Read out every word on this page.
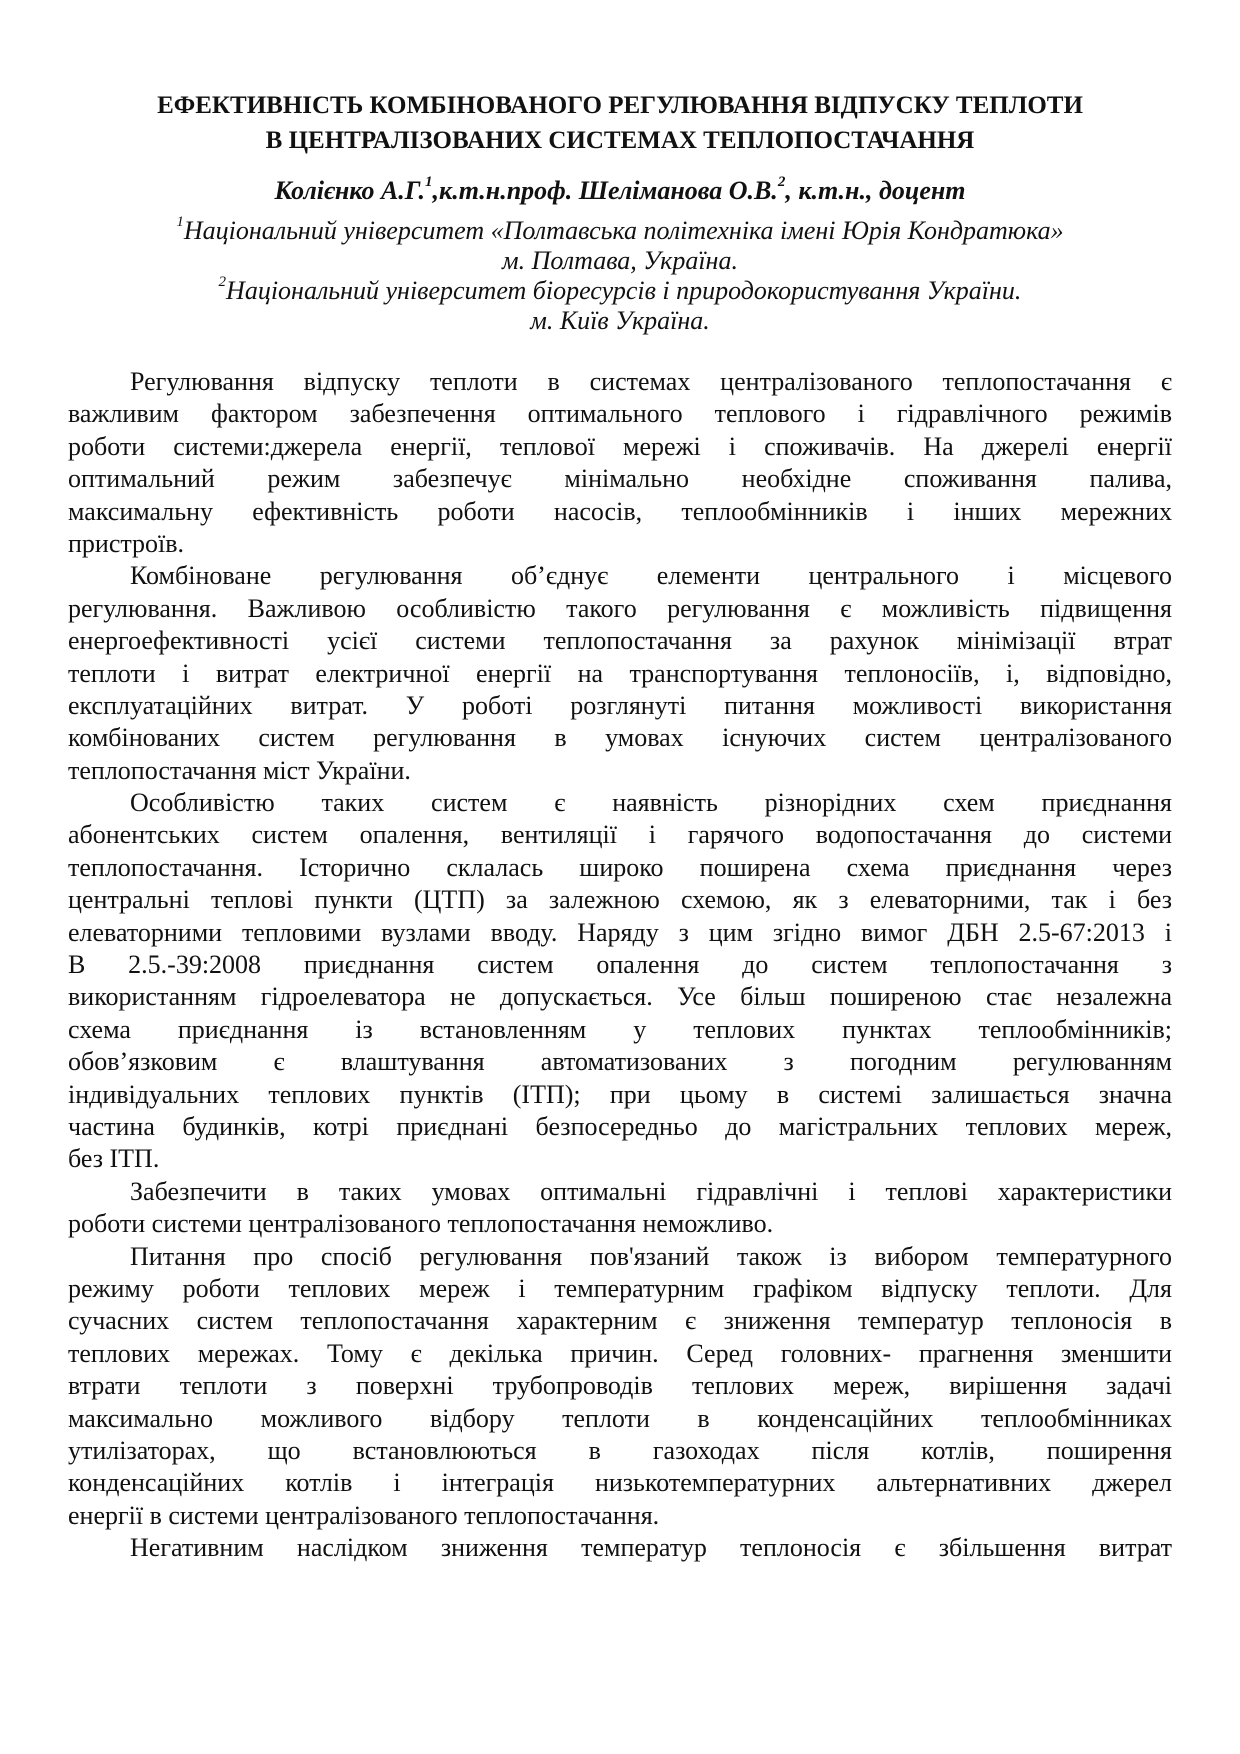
ЕФЕКТИВНІСТЬ КОМБІНОВАНОГО РЕГУЛЮВАННЯ ВІДПУСКУ ТЕПЛОТИ
В ЦЕНТРАЛІЗОВАНИХ СИСТЕМАХ ТЕПЛОПОСТАЧАННЯ
Колієнко А.Г.$^1$,к.т.н.проф. Шеліманова О.В.$^2$, к.т.н., доцент
$^1$Національний університет «Полтавська політехніка імені Юрія Кондратюка»
м. Полтава, Україна.
$^2$Національний університет біоресурсів і природокористування України.
м. Київ Україна.
Регулювання відпуску теплоти в системах централізованого теплопостачання є
важливим фактором забезпечення оптимального теплового і гідравлічного режимів
роботи системи:джерела енергії, теплової мережі і споживачів. На джерелі енергії
оптимальний режим забезпечує мінімально необхідне споживання палива,
максимальну ефективність роботи насосів, теплообмінників і інших мережних
пристроїв.
Комбіноване регулювання об’єднує елементи центрального і місцевого
регулювання. Важливою особливістю такого регулювання є можливість підвищення
енергоефективності усієї системи теплопостачання за рахунок мінімізації втрат
теплоти і витрат електричної енергії на транспортування теплоносіїв, і, відповідно,
експлуатаційних витрат. У роботі розглянуті питання можливості використання
комбінованих систем регулювання в умовах існуючих систем централізованого
теплопостачання міст України.
Особливістю таких систем є наявність різнорідних схем приєднання
абонентських систем опалення, вентиляції і гарячого водопостачання до системи
теплопостачання. Історично склалась широко поширена схема приєднання через
центральні теплові пункти (ЦТП) за залежною схемою, як з елеваторними, так і без
елеваторними тепловими вузлами вводу. Наряду з цим згідно вимог ДБН 2.5-67:2013 і
В 2.5.-39:2008 приєднання систем опалення до систем теплопостачання з
використанням гідроелеватора не допускається. Усе більш поширеною стає незалежна
схема приєднання із встановленням у теплових пунктах теплообмінників;
обов’язковим є влаштування автоматизованих з погодним регулюванням
індивідуальних теплових пунктів (ІТП); при цьому в системі залишається значна
частина будинків, котрі приєднані безпосередньо до магістральних теплових мереж,
без ІТП.
Забезпечити в таких умовах оптимальні гідравлічні і теплові характеристики
роботи системи централізованого теплопостачання неможливо.
Питання про спосіб регулювання пов'язаний також із вибором температурного
режиму роботи теплових мереж і температурним графіком відпуску теплоти. Для
сучасних систем теплопостачання характерним є зниження температур теплоносія в
теплових мережах. Тому є декілька причин. Серед головних- прагнення зменшити
втрати теплоти з поверхні трубопроводів теплових мереж, вирішення задачі
максимально можливого відбору теплоти в конденсаційних теплообмінниках
утилізаторах, що встановлюються в газоходах після котлів, поширення
конденсаційних котлів і інтеграція низькотемпературних альтернативних джерел
енергії в системи централізованого теплопостачання.
Негативним наслідком зниження температур теплоносія є збільшення витрат
